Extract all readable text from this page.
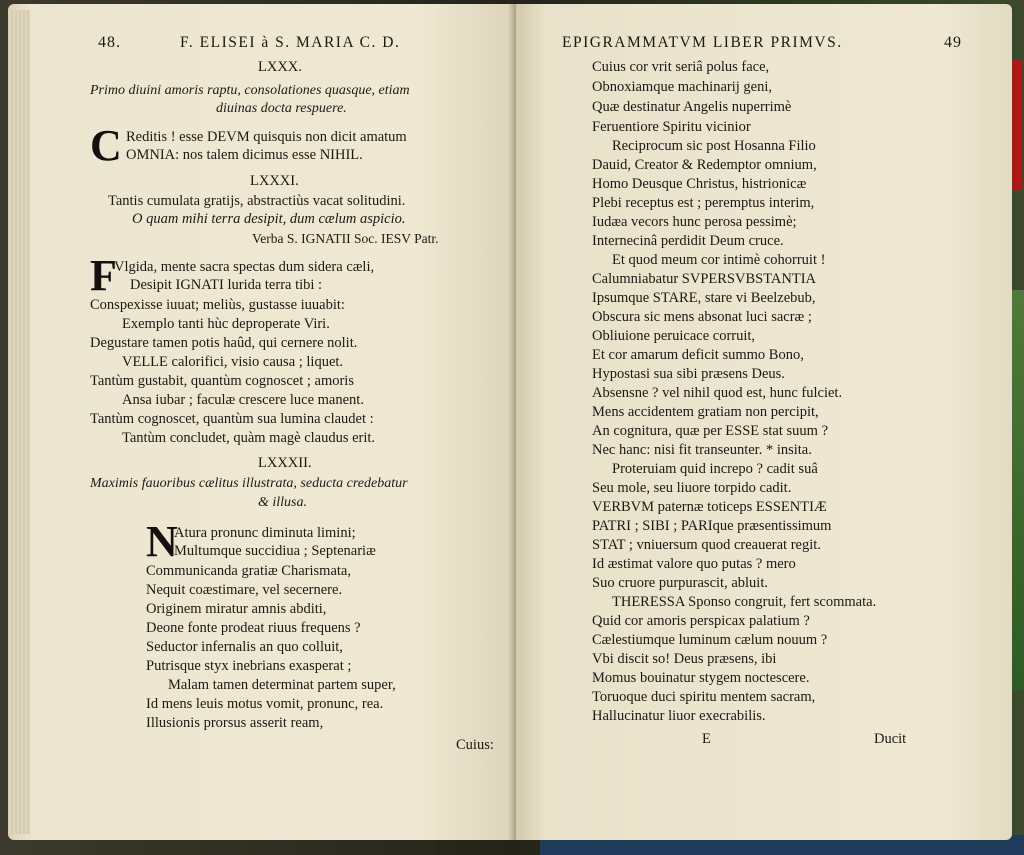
48.	F. ELISEI à S. MARIA C. D.
LXXX.
Primo diuini amoris raptu, consolationes quasque, etiam
diuinas docta respuere.
C Reditis ! esse DEVM quisquis non dicit amatum
OMNIA: nos talem dicimus esse NIHIL.
LXXXI.
Tantis cumulata gratijs, abstractiùs vacat solitudini.
O quam mihi terra desipit, dum cælum aspicio.
Verba S. IGNATII Soc. IESV Patr.
F
Vlgida, mente sacra spectas dum sidera cæli,
Desipit IGNATI lurida terra tibi :
Conspexisse iuuat; meliùs, gustasse iuuabit:
Exemplo tanti hùc deproperate Viri.
Degustare tamen potis haûd, qui cernere nolit.
VELLE calorifici, visio causa ; liquet.
Tantùm gustabit, quantùm cognoscet ; amoris
Ansa iubar ; faculæ crescere luce manent.
Tantùm cognoscet, quantùm sua lumina claudet :
Tantùm concludet, quàm magè claudus erit.
LXXXII.
Maximis fauoribus cælitus illustrata, seducta credebatur
& illusa.
N
Atura pronunc diminuta limini;
Multumque succidiua ; Septenariæ
Communicanda gratiæ Charismata,
Nequit coæstimare, vel secernere.
Originem miratur amnis abditi,
Deone fonte prodeat riuus frequens ?
Seductor infernalis an quo colluit,
Putrisque styx inebrians exasperat ;
Malam tamen determinat partem super,
Id mens leuis motus vomit, pronunc, rea.
Illusionis prorsus asserit ream,
Cuius:
EPIGRAMMATVM LIBER PRIMVS.	49
Cuius cor vrit seriâ polus face,
Obnoxiamque machinarij geni,
Quæ destinatur Angelis nuperrimè
Feruentiore Spiritu vicinior
Reciprocum sic post Hosanna Filio
Dauid, Creator & Redemptor omnium,
Homo Deusque Christus, histrionicæ
Plebi receptus est ; peremptus interim,
Iudæa vecors hunc perosa pessimè;
Internecinâ perdidit Deum cruce.
Et quod meum cor intimè cohorruit !
Calumniabatur SVPERSVBSTANTIA
Ipsumque STARE, stare vi Beelzebub,
Obscura sic mens absonat luci sacræ ;
Obliuione peruicace corruit,
Et cor amarum deficit summo Bono,
Hypostasi sua sibi præsens Deus.
Absensne ? vel nihil quod est, hunc fulciet.
Mens accidentem gratiam non percipit,
An cognitura, quæ per ESSE stat suum ?
Nec hanc: nisi fit transeunter. * insita.
Proteruiam quid increpo ? cadit suâ
Seu mole, seu liuore torpido cadit.
VERBVM paternæ toticeps ESSENTIÆ
PATRI ; SIBI ; PARIque præsentissimum
STAT ; vniuersum quod creauerat regit.
Id æstimat valore quo putas ? mero
Suo cruore purpurascit, abluit.
THERESSA Sponso congruit, fert scommata.
Quid cor amoris perspicax palatium ?
Cælestiumque luminum cælum nouum ?
Vbi discit so! Deus præsens, ibi
Momus bouinatur stygem noctescere.
Toruoque duci spiritu mentem sacram,
Hallucinatur liuor execrabilis.
E	Ducit
